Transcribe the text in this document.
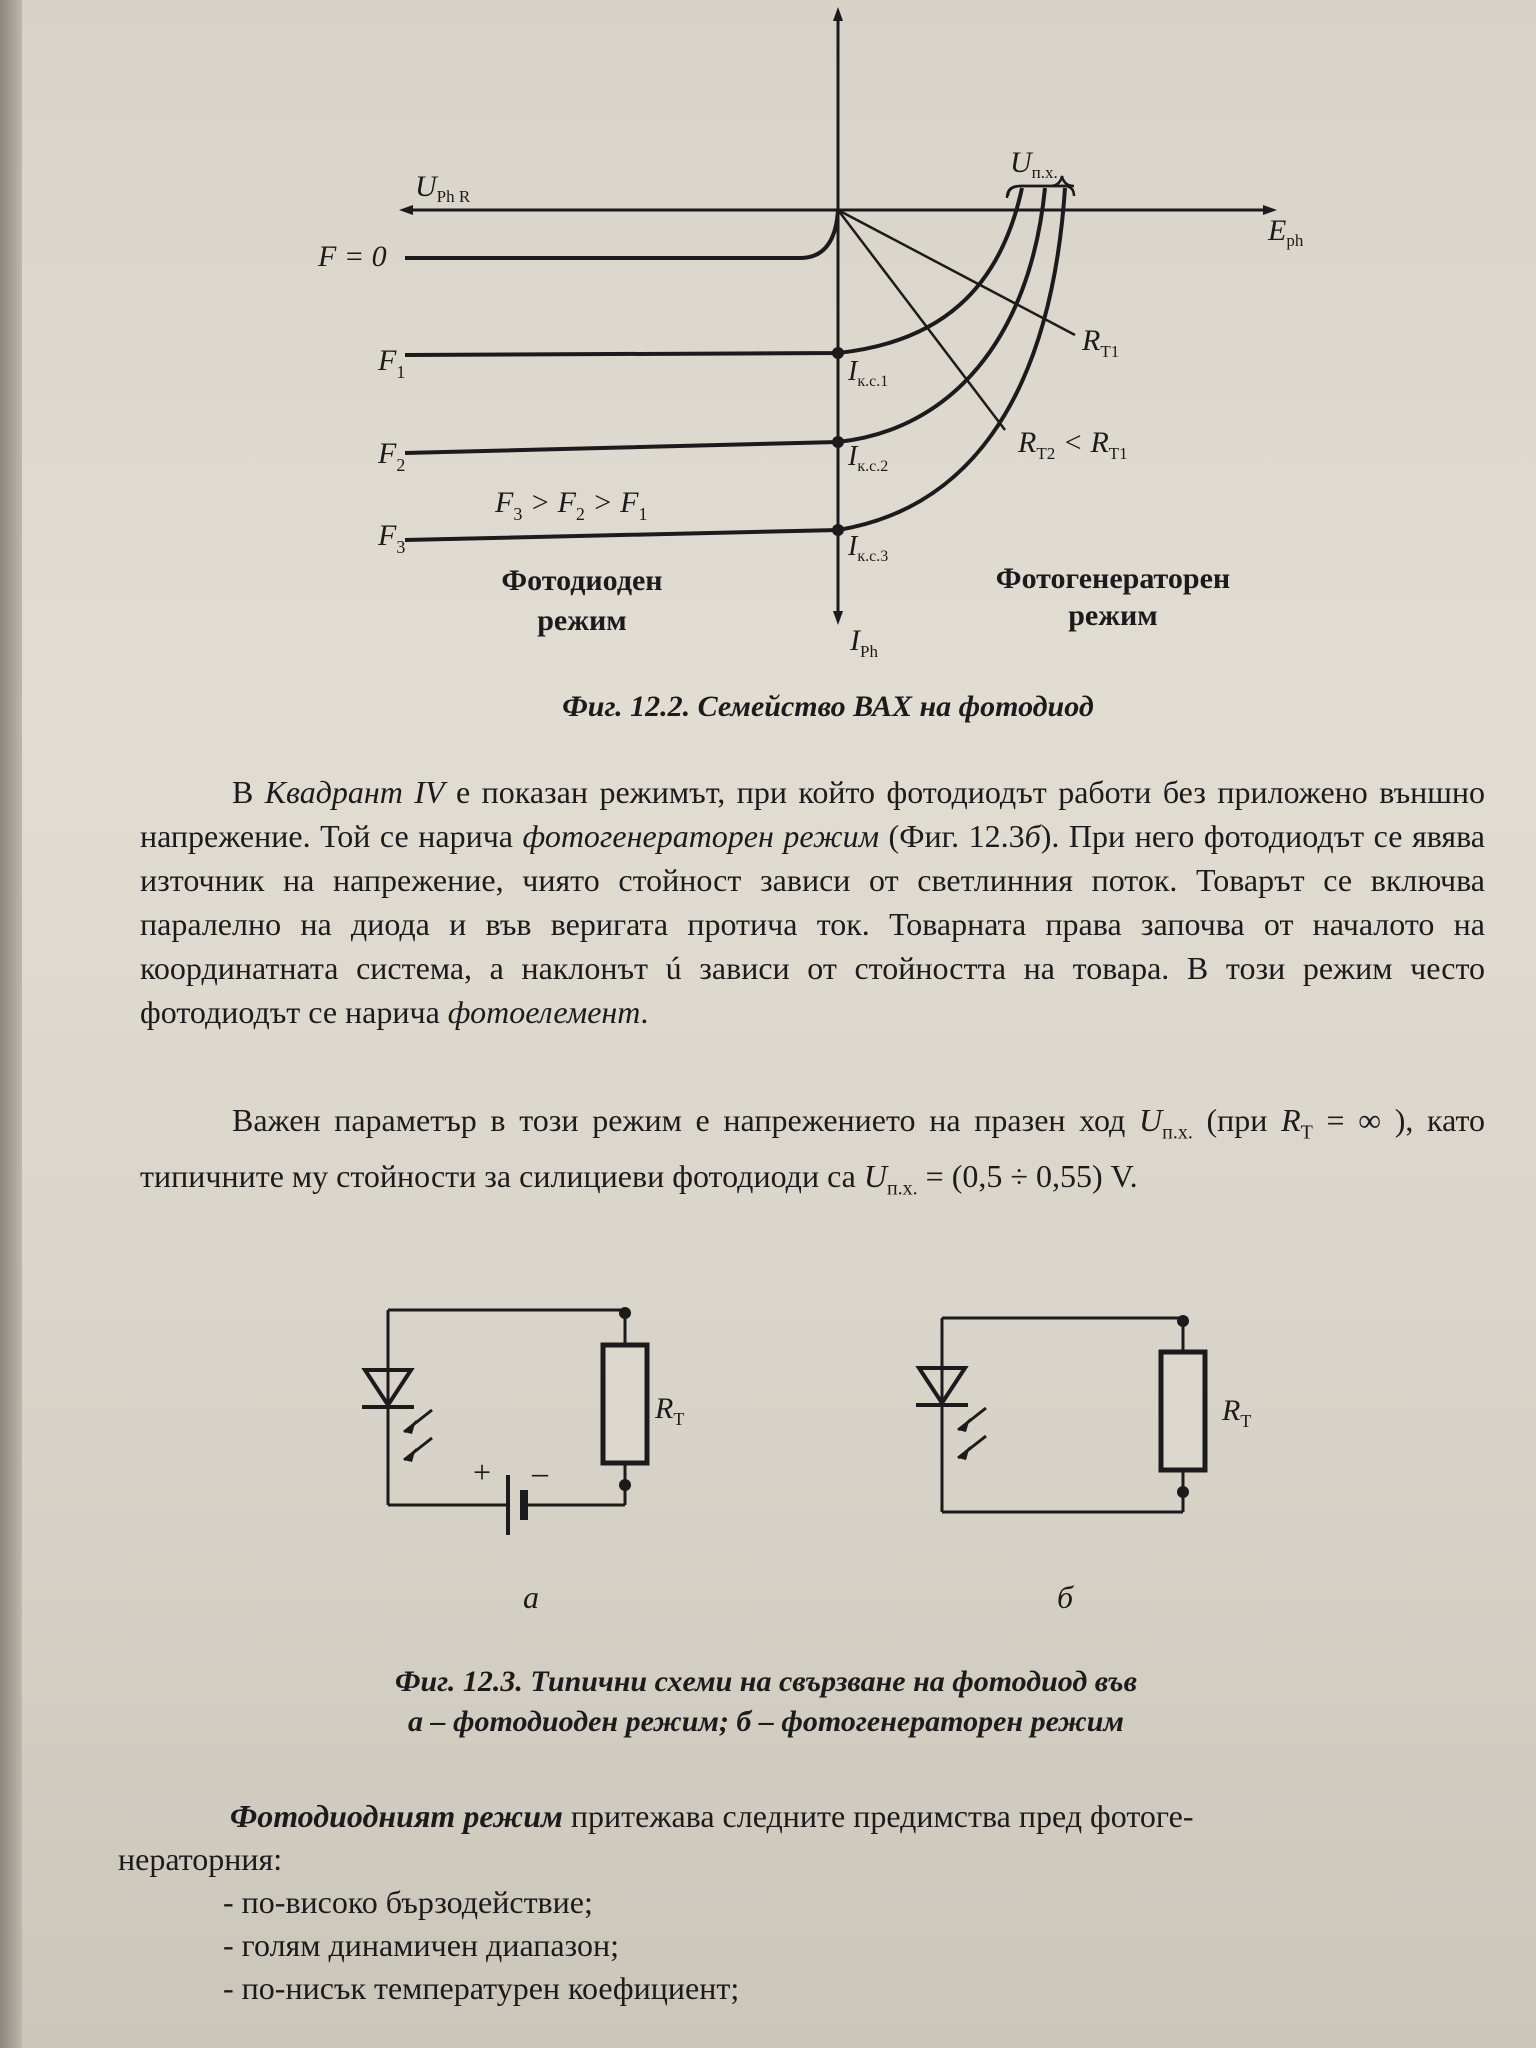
$U_{Ph R}$
$U_{п.х.}$
$E_{ph}$
F = 0
$F_1$
$F_2$
$F_3$
$F_3 > F_2 > F_1$
$I_{к.с.1}$
$I_{к.с.2}$
$I_{к.с.3}$
$R_{T1}$
$R_{T2} < R_{T1}$
$I_{Ph}$
Фотодиоден
режим
Фотогенераторен
режим
Фиг. 12.2. Семейство ВАХ на фотодиод

В Квадрант IV е показан режимът, при който фотодиодът работи без приложено външно напрежение. Той се нарича фотогенераторен режим (Фиг. 12.3б). При него фотодиодът се явява източник на напрежение, чиято стойност зависи от светлинния поток. Товарът се включва паралелно на диода и във веригата протича ток. Товарната права започва от началото на координатната система, а наклонът ú зависи от стойността на товара. В този режим често фотодиодът се нарича фотоелемент.

Важен параметър в този режим е напрежението на празен ход $U_{п.х.}$ (при $R_T$ = ∞ ), като типичните му стойности за силициеви фотодиоди са $U_{п.х.} = (0,5 \div 0,55)$ V.

+ –
$R_T$
а
$R_T$
б
Фиг. 12.3. Типични схеми на свързване на фотодиод във
а – фотодиоден режим; б – фотогенераторен режим

Фотодиодният режим притежава следните предимства пред фотоге-

нераторния:

- по-високо бързодействие;

- голям динамичен диапазон;

- по-нисък температурен коефициент;
